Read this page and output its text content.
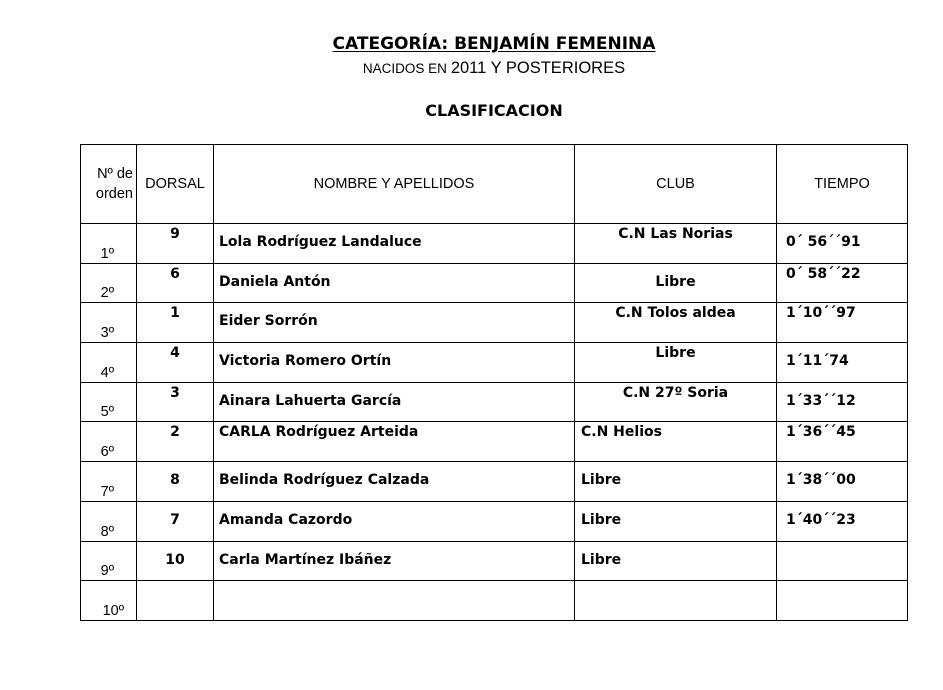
CATEGORÍA: BENJAMÍN FEMENINA
NACIDOS EN 2011 Y POSTERIORES
CLASIFICACION
Nº de
orden	DORSAL	NOMBRE Y APELLIDOS	CLUB	TIEMPO

1º	9	Lola Rodríguez Landaluce	C.N Las Norias	0´ 56´´91

2º	6	Daniela Antón	Libre	0´ 58´´22

3º	1	Eider Sorrón	C.N Tolos aldea	1´10´´97

4º	4	Victoria Romero Ortín	Libre	1´11´74

5º	3	Ainara Lahuerta García	C.N 27º Soria	1´33´´12

6º	2	CARLA Rodríguez Arteida	C.N Helios	1´36´´45

7º	8	Belinda Rodríguez Calzada	Libre	1´38´´00

8º	7	Amanda Cazordo	Libre	1´40´´23

9º	10	Carla Martínez Ibáñez	Libre	

10º				
